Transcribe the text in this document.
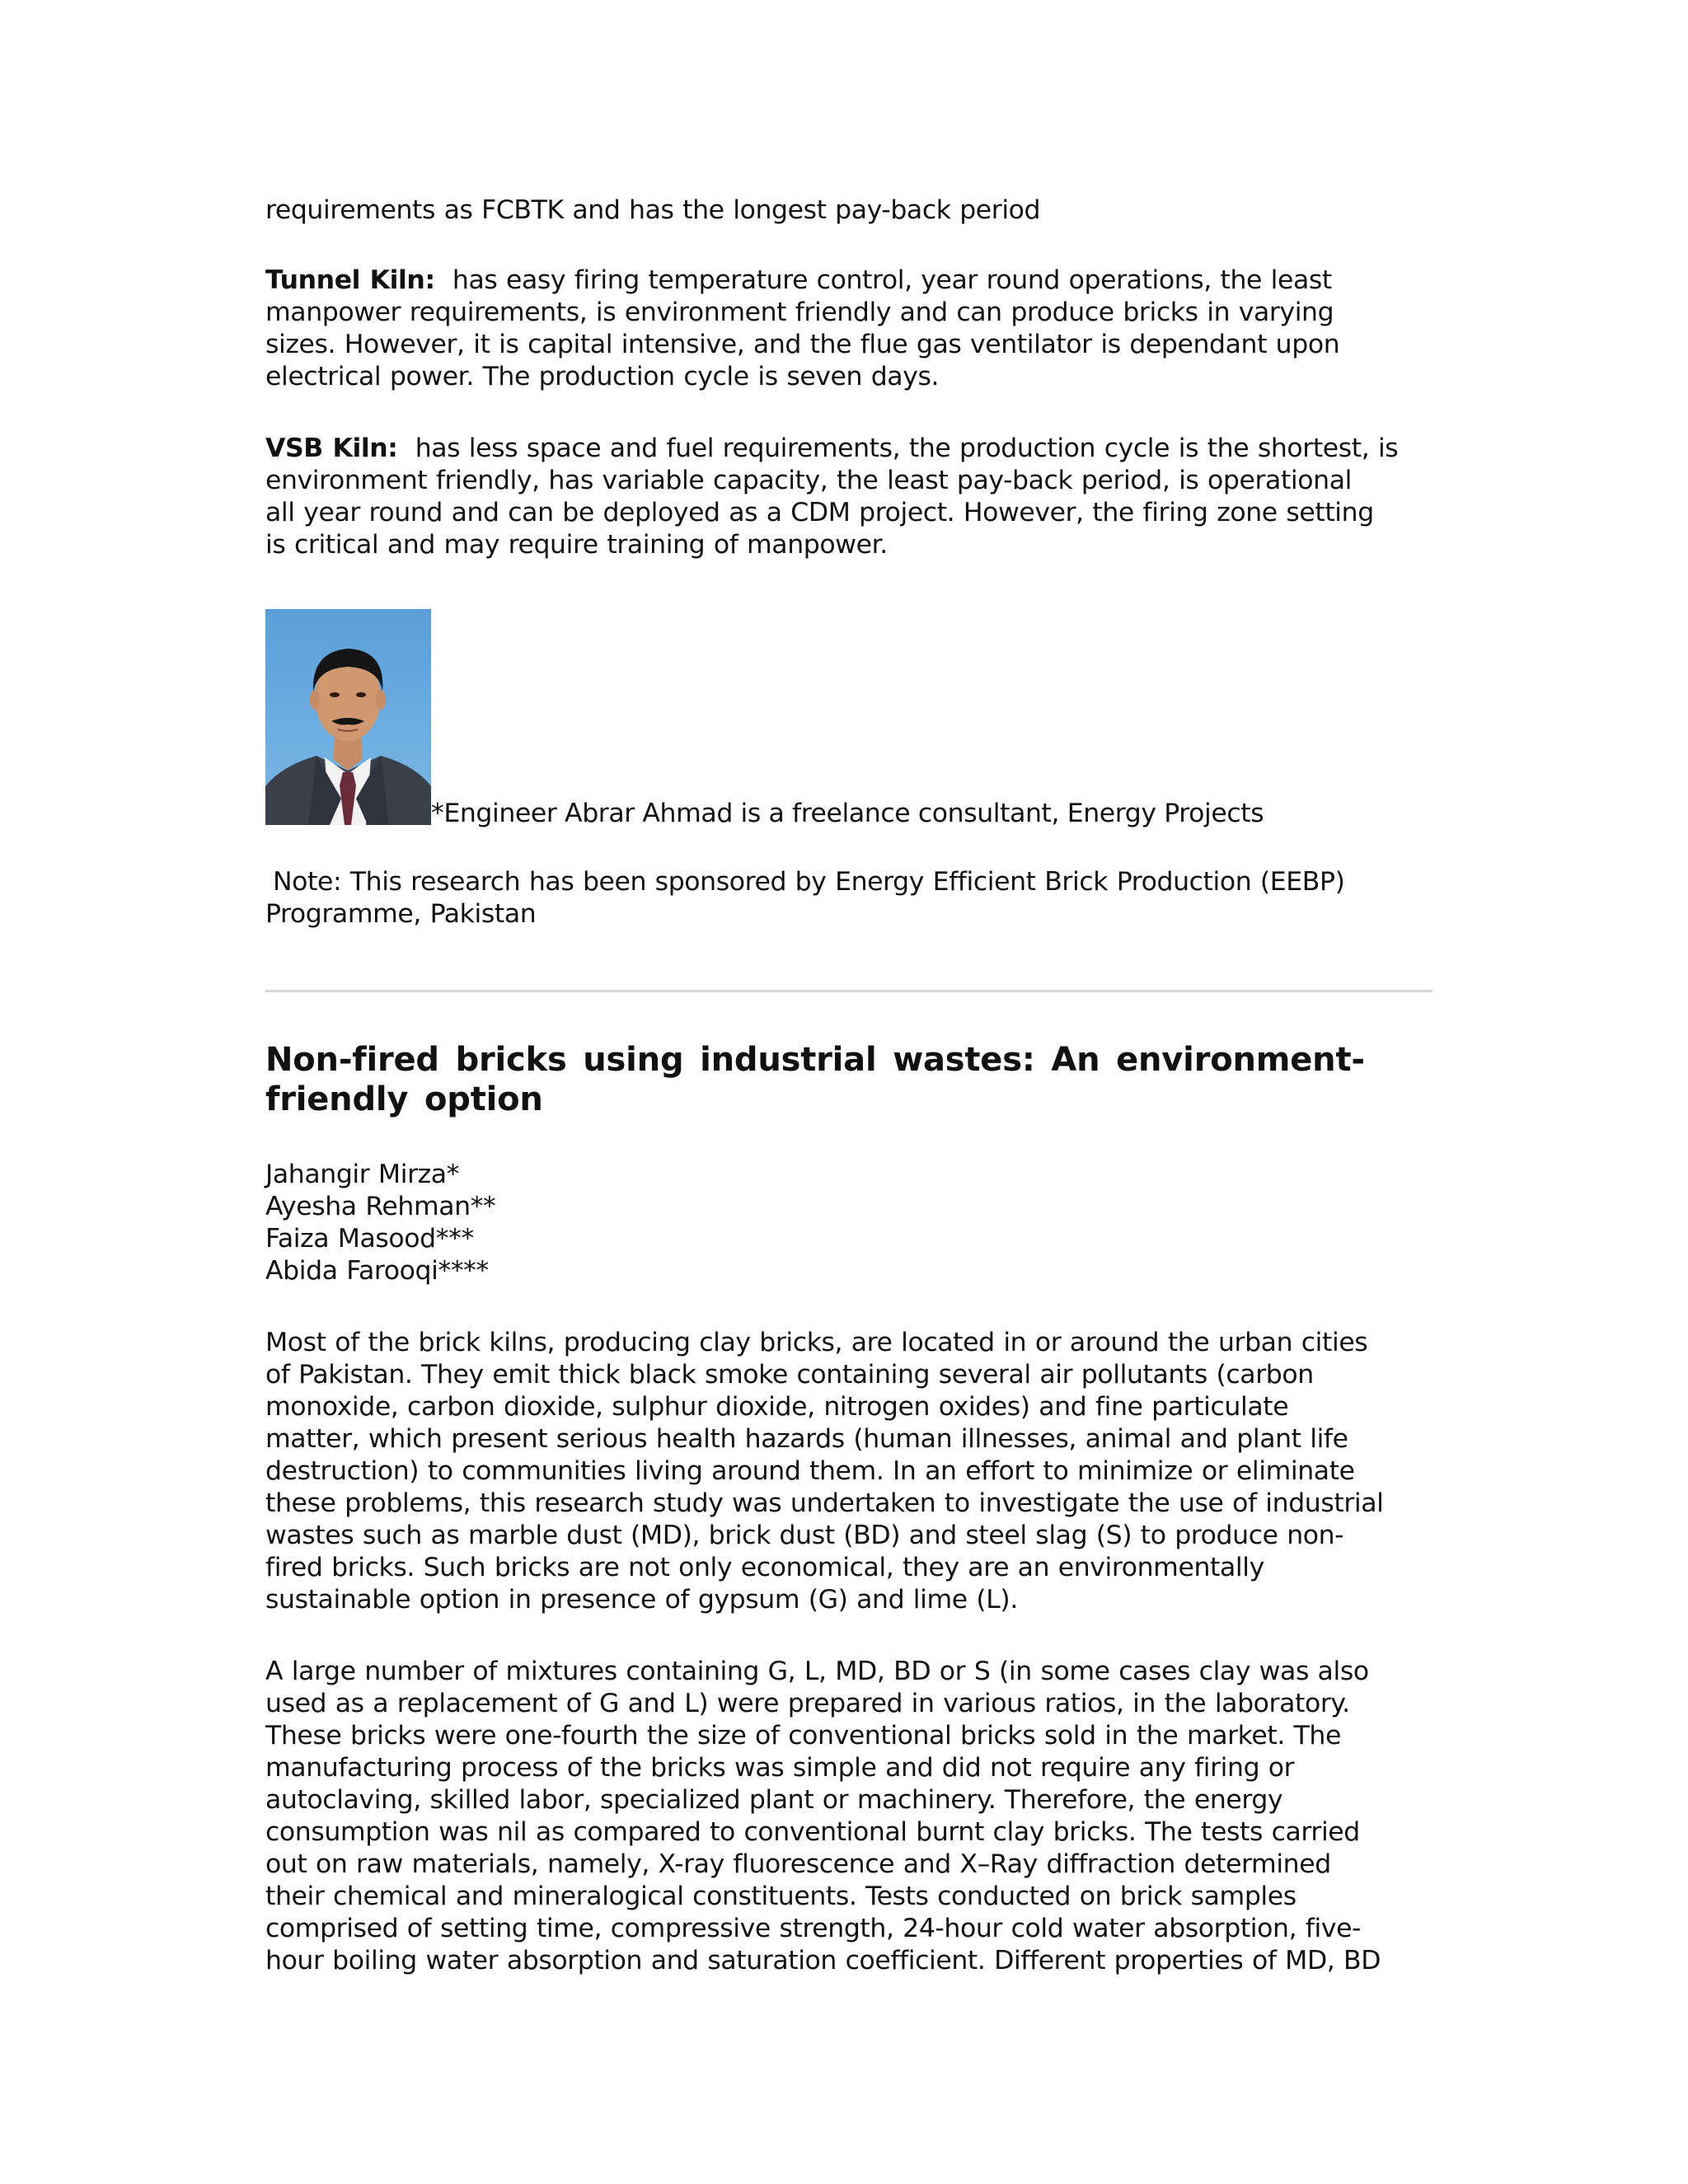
requirements as FCBTK and has the longest pay-back period

Tunnel Kiln: has easy firing temperature control, year round operations, the least
manpower requirements, is environment friendly and can produce bricks in varying
sizes. However, it is capital intensive, and the flue gas ventilator is dependant upon
electrical power. The production cycle is seven days.

VSB Kiln: has less space and fuel requirements, the production cycle is the shortest, is
environment friendly, has variable capacity, the least pay-back period, is operational
all year round and can be deployed as a CDM project. However, the firing zone setting
is critical and may require training of manpower.

*Engineer Abrar Ahmad is a freelance consultant, Energy Projects

Note: This research has been sponsored by Energy Efficient Brick Production (EEBP)

Programme, Pakistan

Non-fired bricks using industrial wastes: An environment-
friendly option

Jahangir Mirza*
Ayesha Rehman**
Faiza Masood***
Abida Farooqi****

Most of the brick kilns, producing clay bricks, are located in or around the urban cities
of Pakistan. They emit thick black smoke containing several air pollutants (carbon
monoxide, carbon dioxide, sulphur dioxide, nitrogen oxides) and fine particulate
matter, which present serious health hazards (human illnesses, animal and plant life
destruction) to communities living around them. In an effort to minimize or eliminate
these problems, this research study was undertaken to investigate the use of industrial
wastes such as marble dust (MD), brick dust (BD) and steel slag (S) to produce non-
fired bricks. Such bricks are not only economical, they are an environmentally
sustainable option in presence of gypsum (G) and lime (L).

A large number of mixtures containing G, L, MD, BD or S (in some cases clay was also
used as a replacement of G and L) were prepared in various ratios, in the laboratory.
These bricks were one-fourth the size of conventional bricks sold in the market. The
manufacturing process of the bricks was simple and did not require any firing or
autoclaving, skilled labor, specialized plant or machinery. Therefore, the energy
consumption was nil as compared to conventional burnt clay bricks. The tests carried
out on raw materials, namely, X-ray fluorescence and X–Ray diffraction determined
their chemical and mineralogical constituents. Tests conducted on brick samples
comprised of setting time, compressive strength, 24-hour cold water absorption, five-
hour boiling water absorption and saturation coefficient. Different properties of MD, BD
